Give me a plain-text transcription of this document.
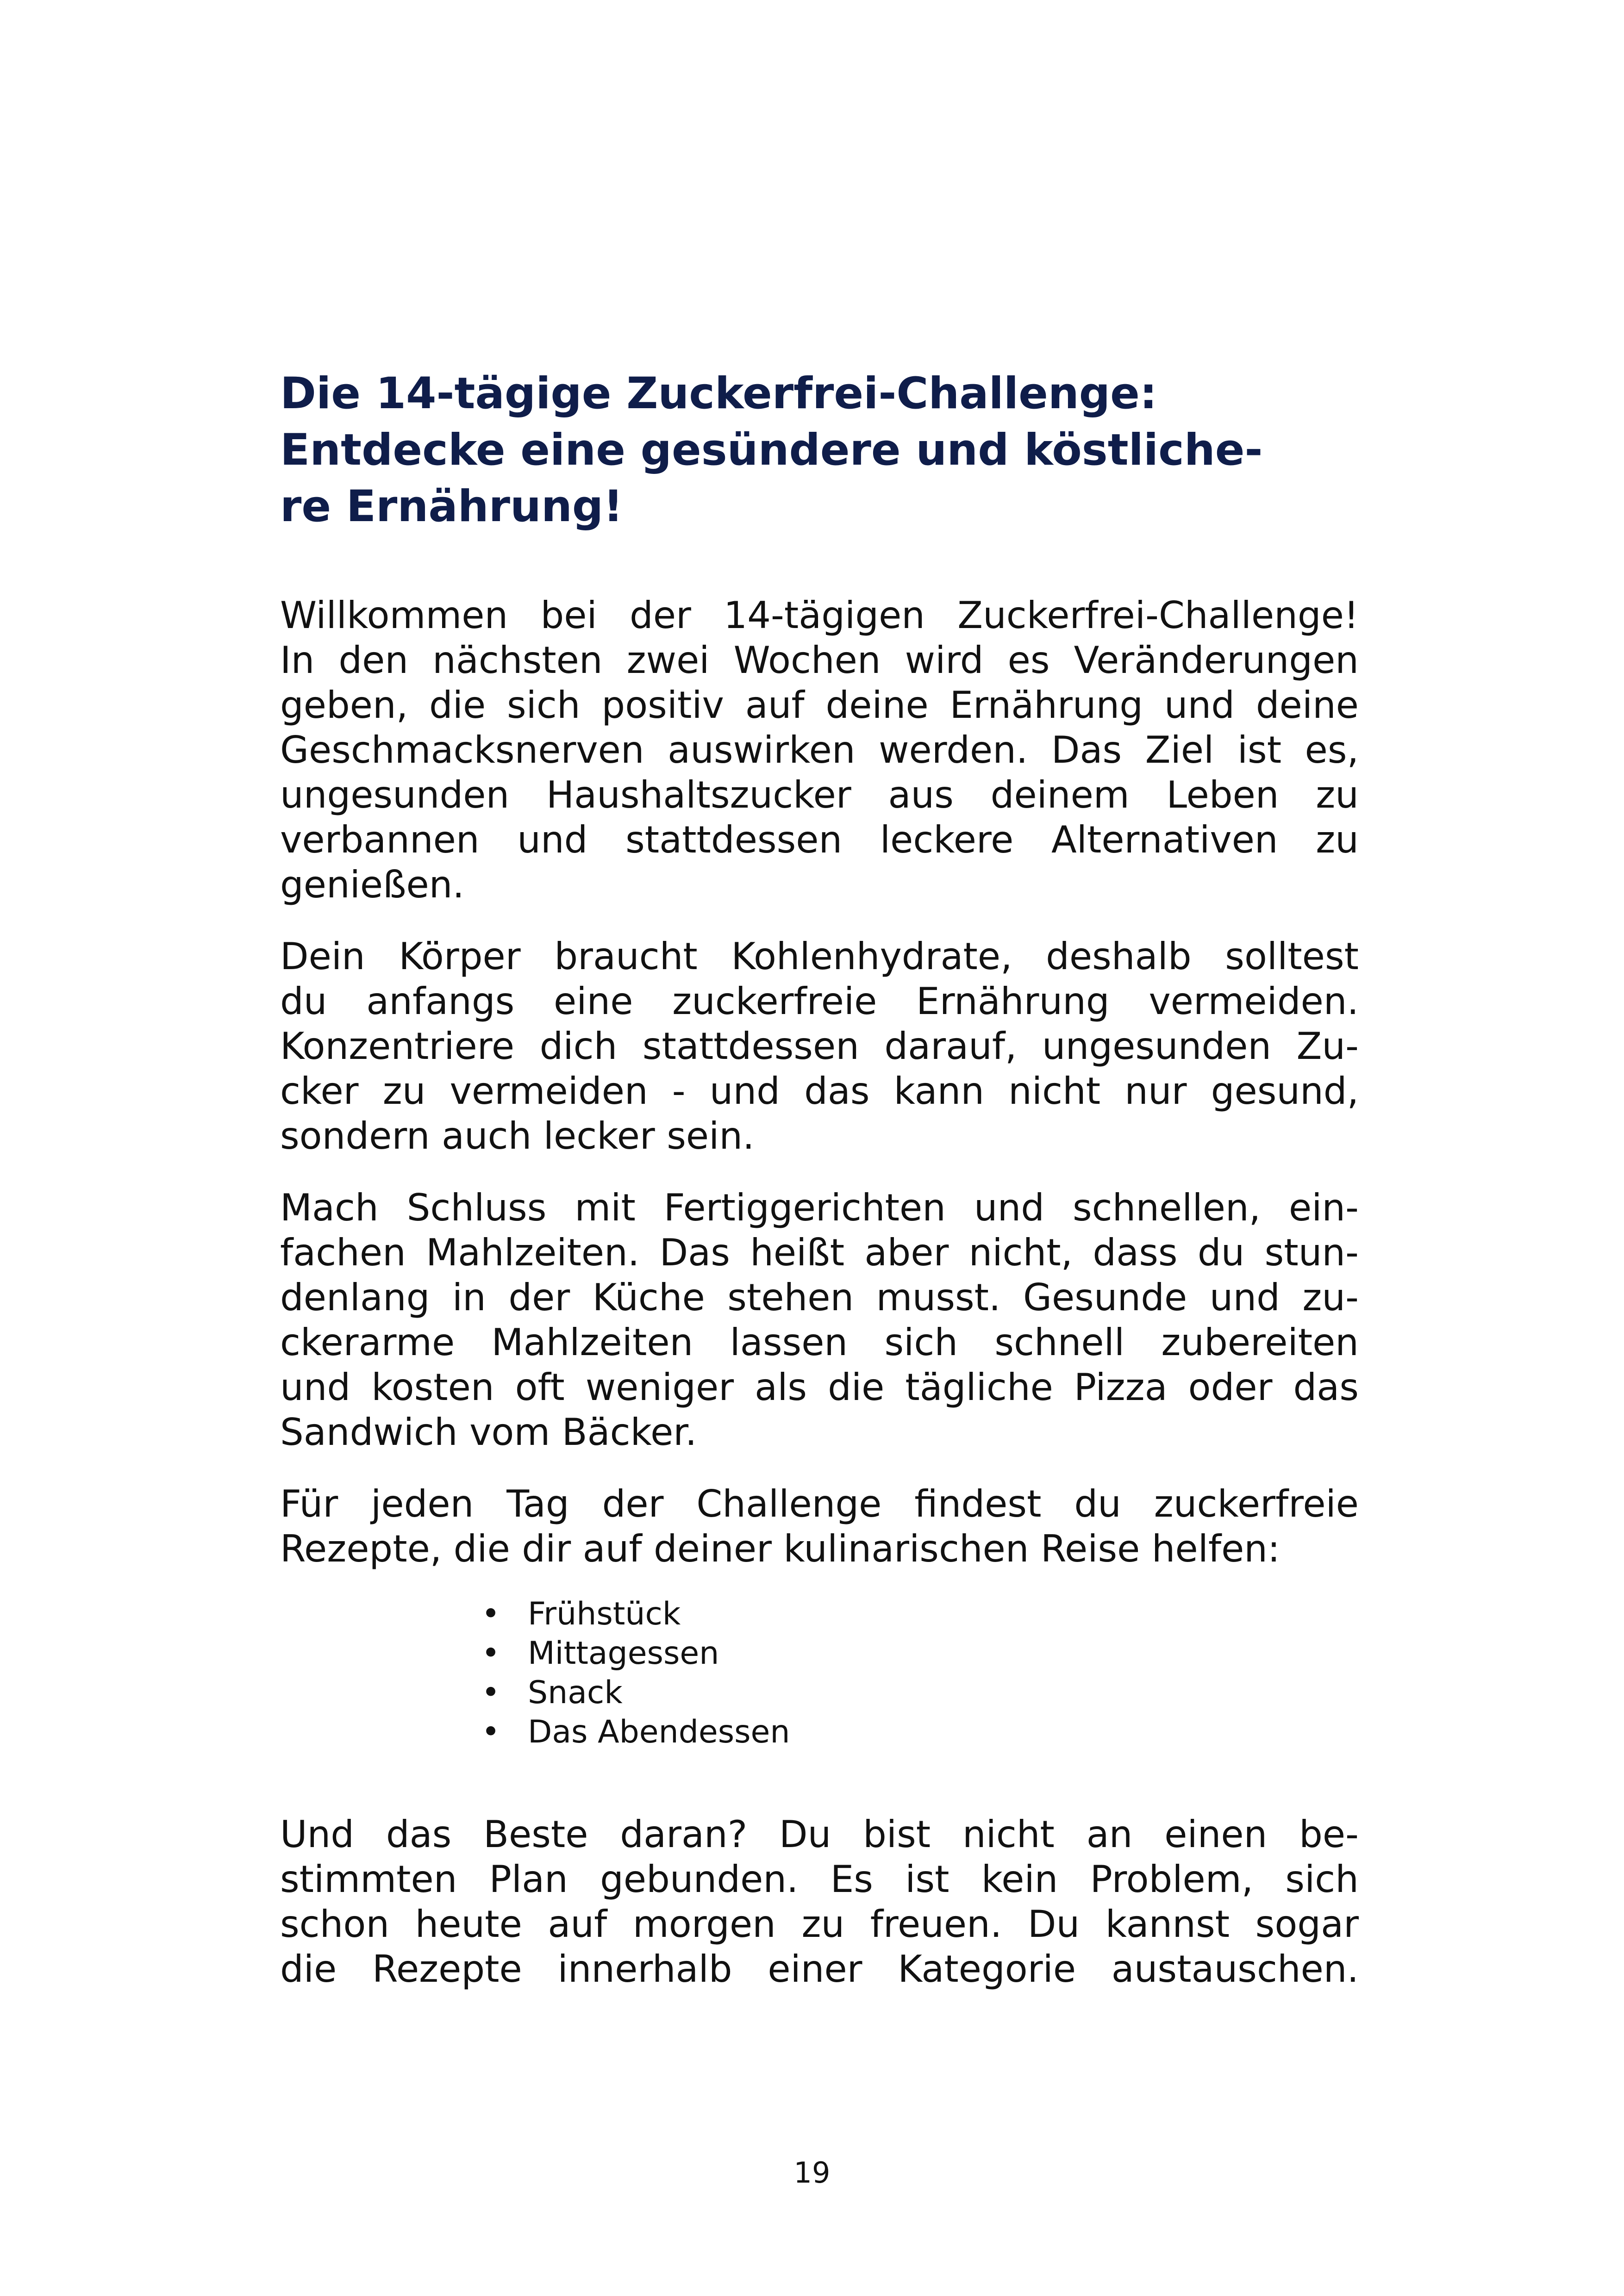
Die 14-tägige Zuckerfrei-Challenge:
Entdecke eine gesündere und köstliche-
re Ernährung!

Willkommen bei der 14-tägigen Zuckerfrei-Challenge!
In den nächsten zwei Wochen wird es Veränderungen
geben, die sich positiv auf deine Ernährung und deine
Geschmacksnerven auswirken werden. Das Ziel ist es,
ungesunden Haushaltszucker aus deinem Leben zu
verbannen und stattdessen leckere Alternativen zu
genießen.

Dein Körper braucht Kohlenhydrate, deshalb solltest
du anfangs eine zuckerfreie Ernährung vermeiden.
Konzentriere dich stattdessen darauf, ungesunden Zu-
cker zu vermeiden - und das kann nicht nur gesund,
sondern auch lecker sein.

Mach Schluss mit Fertiggerichten und schnellen, ein-
fachen Mahlzeiten. Das heißt aber nicht, dass du stun-
denlang in der Küche stehen musst. Gesunde und zu-
ckerarme Mahlzeiten lassen sich schnell zubereiten
und kosten oft weniger als die tägliche Pizza oder das
Sandwich vom Bäcker.

Für jeden Tag der Challenge findest du zuckerfreie
Rezepte, die dir auf deiner kulinarischen Reise helfen:

• Frühstück
• Mittagessen
• Snack
• Das Abendessen

Und das Beste daran? Du bist nicht an einen be-
stimmten Plan gebunden. Es ist kein Problem, sich
schon heute auf morgen zu freuen. Du kannst sogar
die Rezepte innerhalb einer Kategorie austauschen.

19
